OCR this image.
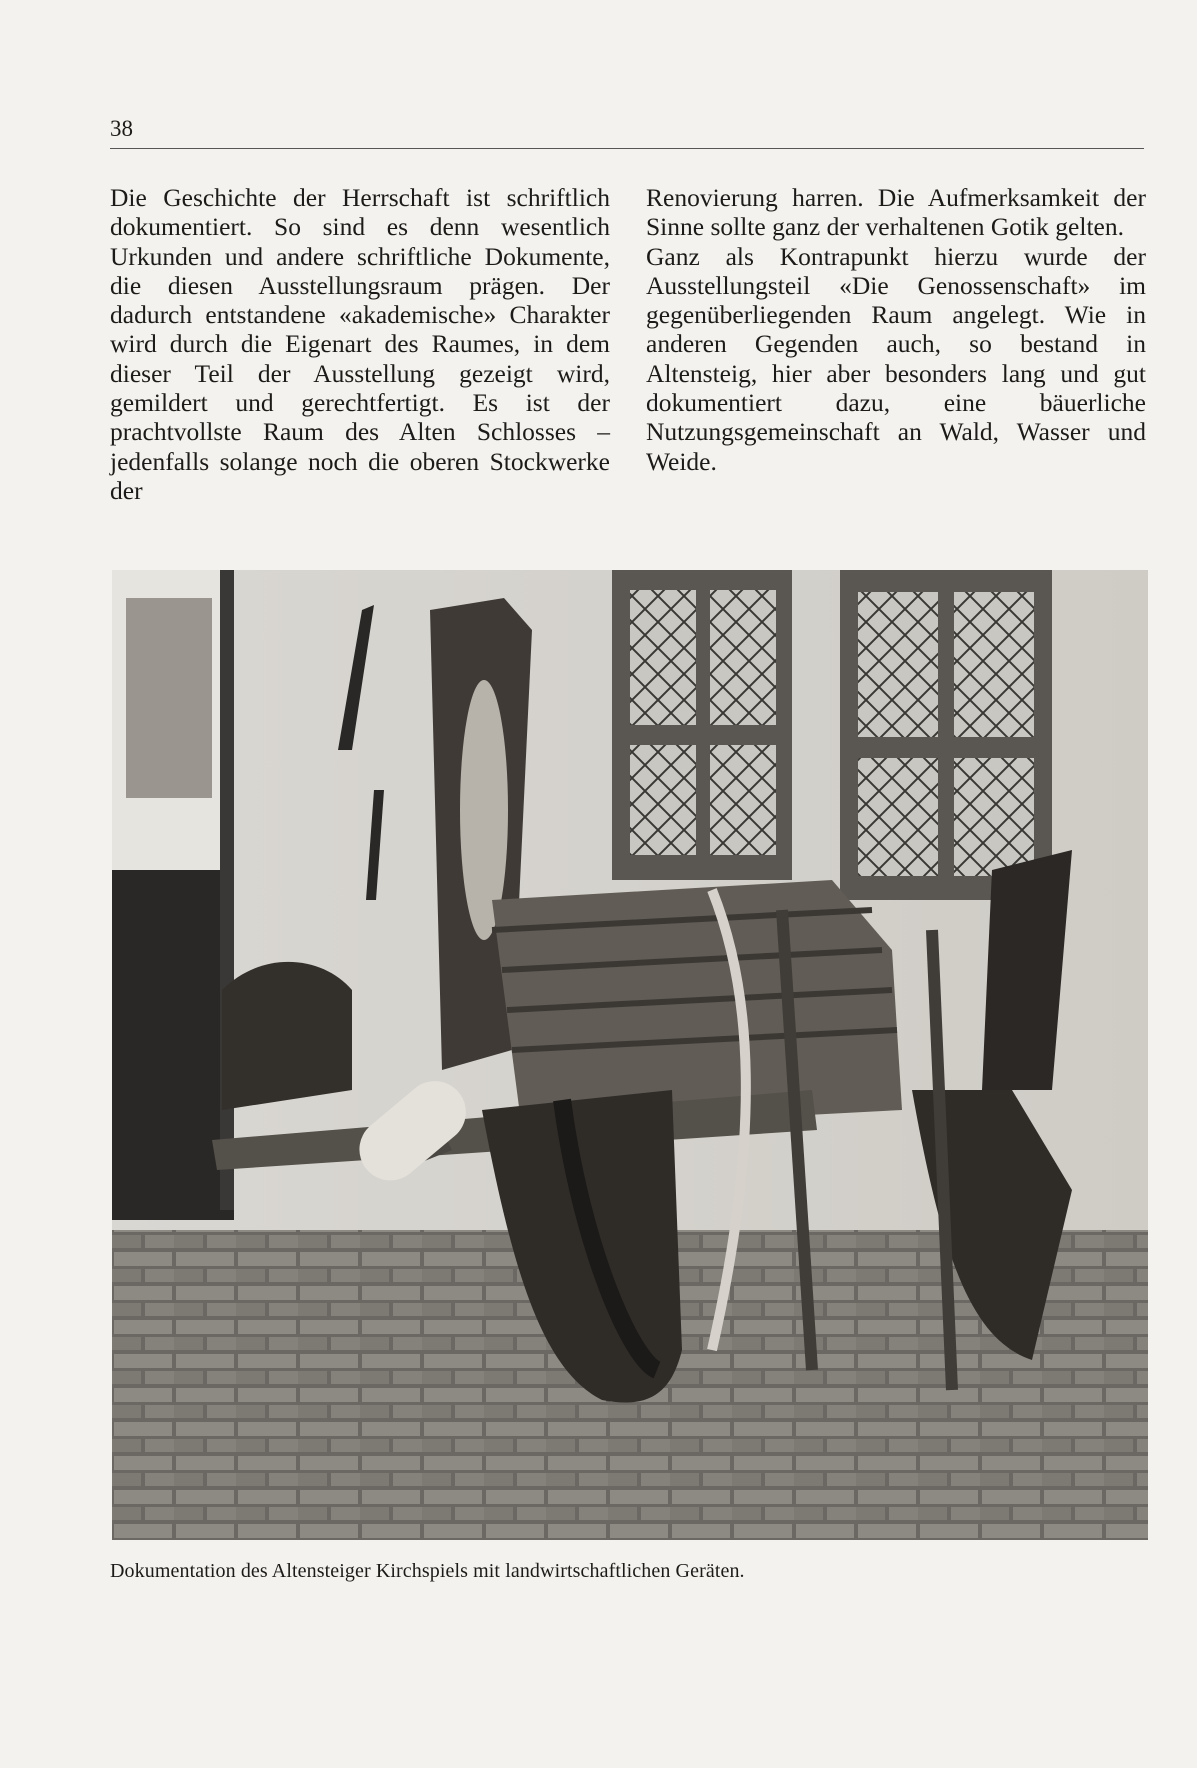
38

Die Geschichte der Herrschaft ist schriftlich dokumentiert. So sind es denn wesentlich Urkunden und andere schriftliche Dokumente, die diesen Ausstellungsraum prägen. Der dadurch entstandene «akademische» Charakter wird durch die Eigenart des Raumes, in dem dieser Teil der Ausstellung gezeigt wird, gemildert und gerechtfertigt. Es ist der prachtvollste Raum des Alten Schlosses – jedenfalls solange noch die oberen Stockwerke der

Renovierung harren. Die Aufmerksamkeit der Sinne sollte ganz der verhaltenen Gotik gelten.

Ganz als Kontrapunkt hierzu wurde der Ausstellungsteil «Die Genossenschaft» im gegenüberliegenden Raum angelegt. Wie in anderen Gegenden auch, so bestand in Altensteig, hier aber besonders lang und gut dokumentiert dazu, eine bäuerliche Nutzungsgemeinschaft an Wald, Wasser und Weide.

Dokumentation des Altensteiger Kirchspiels mit landwirtschaftlichen Geräten.
